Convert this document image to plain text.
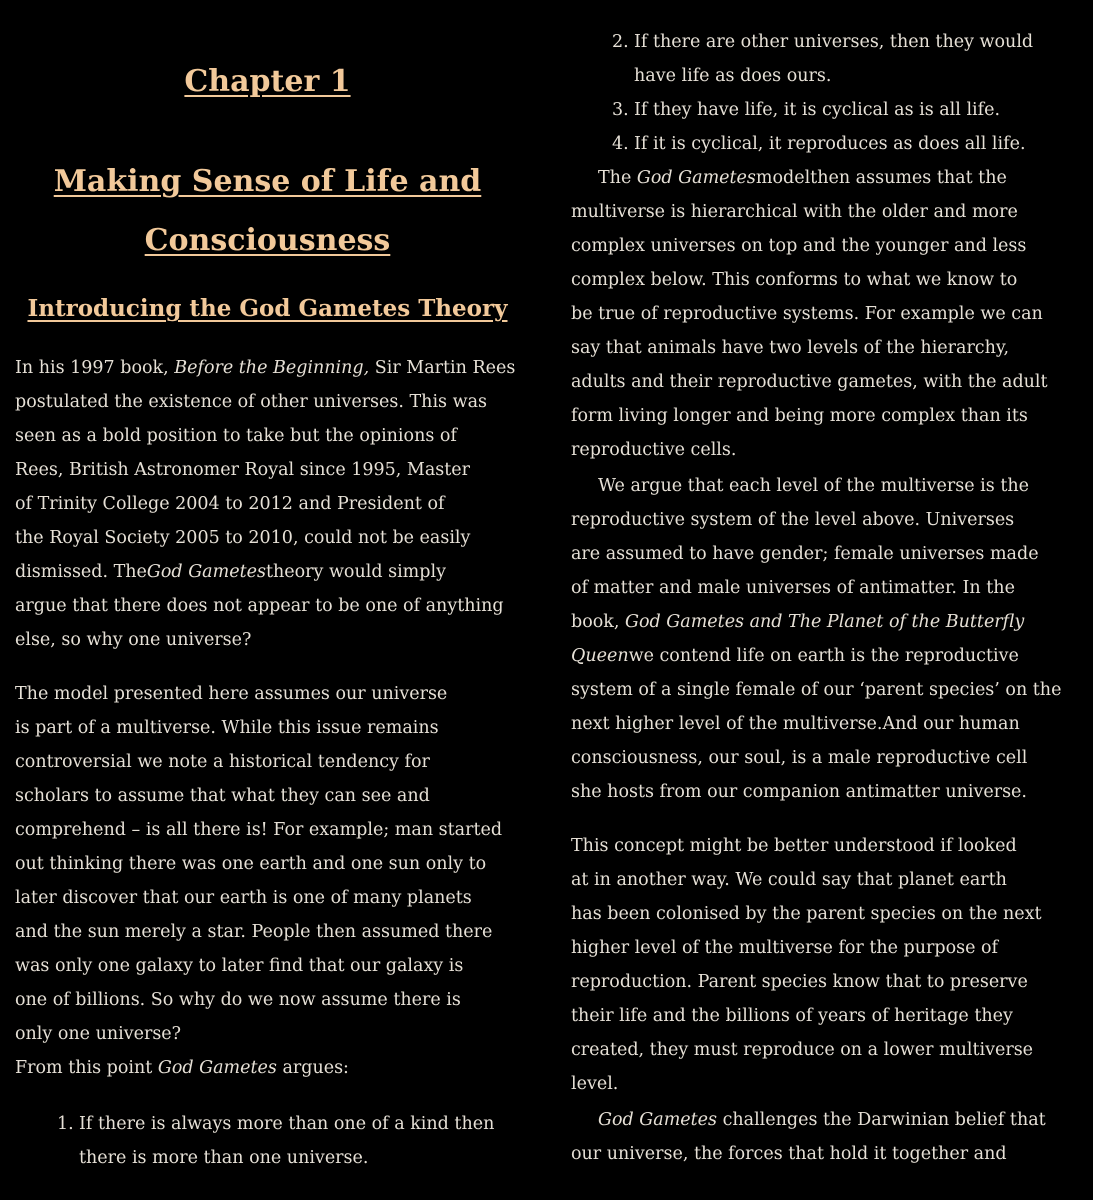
Chapter 1
Making Sense of Life and
Consciousness
Introducing the God Gametes Theory

In his 1997 book, Before the Beginning, Sir Martin Rees
postulated the existence of other universes. This was
seen as a bold position to take but the opinions of
Rees, British Astronomer Royal since 1995, Master
of Trinity College 2004 to 2012 and President of
the Royal Society 2005 to 2010, could not be easily
dismissed. TheGod Gametestheory would simply
argue that there does not appear to be one of anything
else, so why one universe?

The model presented here assumes our universe
is part of a multiverse. While this issue remains
controversial we note a historical tendency for
scholars to assume that what they can see and
comprehend – is all there is! For example; man started
out thinking there was one earth and one sun only to
later discover that our earth is one of many planets
and the sun merely a star. People then assumed there
was only one galaxy to later find that our galaxy is
one of billions. So why do we now assume there is
only one universe?
From this point God Gametes argues:

1. If there is always more than one of a kind then
there is more than one universe.
2. If there are other universes, then they would
have life as does ours.
3. If they have life, it is cyclical as is all life.
4. If it is cyclical, it reproduces as does all life.

The God Gametesmodelthen assumes that the
multiverse is hierarchical with the older and more
complex universes on top and the younger and less
complex below. This conforms to what we know to
be true of reproductive systems. For example we can
say that animals have two levels of the hierarchy,
adults and their reproductive gametes, with the adult
form living longer and being more complex than its
reproductive cells.

We argue that each level of the multiverse is the
reproductive system of the level above. Universes
are assumed to have gender; female universes made
of matter and male universes of antimatter. In the
book, God Gametes and The Planet of the Butterfly
Queenwe contend life on earth is the reproductive
system of a single female of our ‘parent species’ on the
next higher level of the multiverse.And our human
consciousness, our soul, is a male reproductive cell
she hosts from our companion antimatter universe.

This concept might be better understood if looked
at in another way. We could say that planet earth
has been colonised by the parent species on the next
higher level of the multiverse for the purpose of
reproduction. Parent species know that to preserve
their life and the billions of years of heritage they
created, they must reproduce on a lower multiverse
level.

God Gametes challenges the Darwinian belief that
our universe, the forces that hold it together and
